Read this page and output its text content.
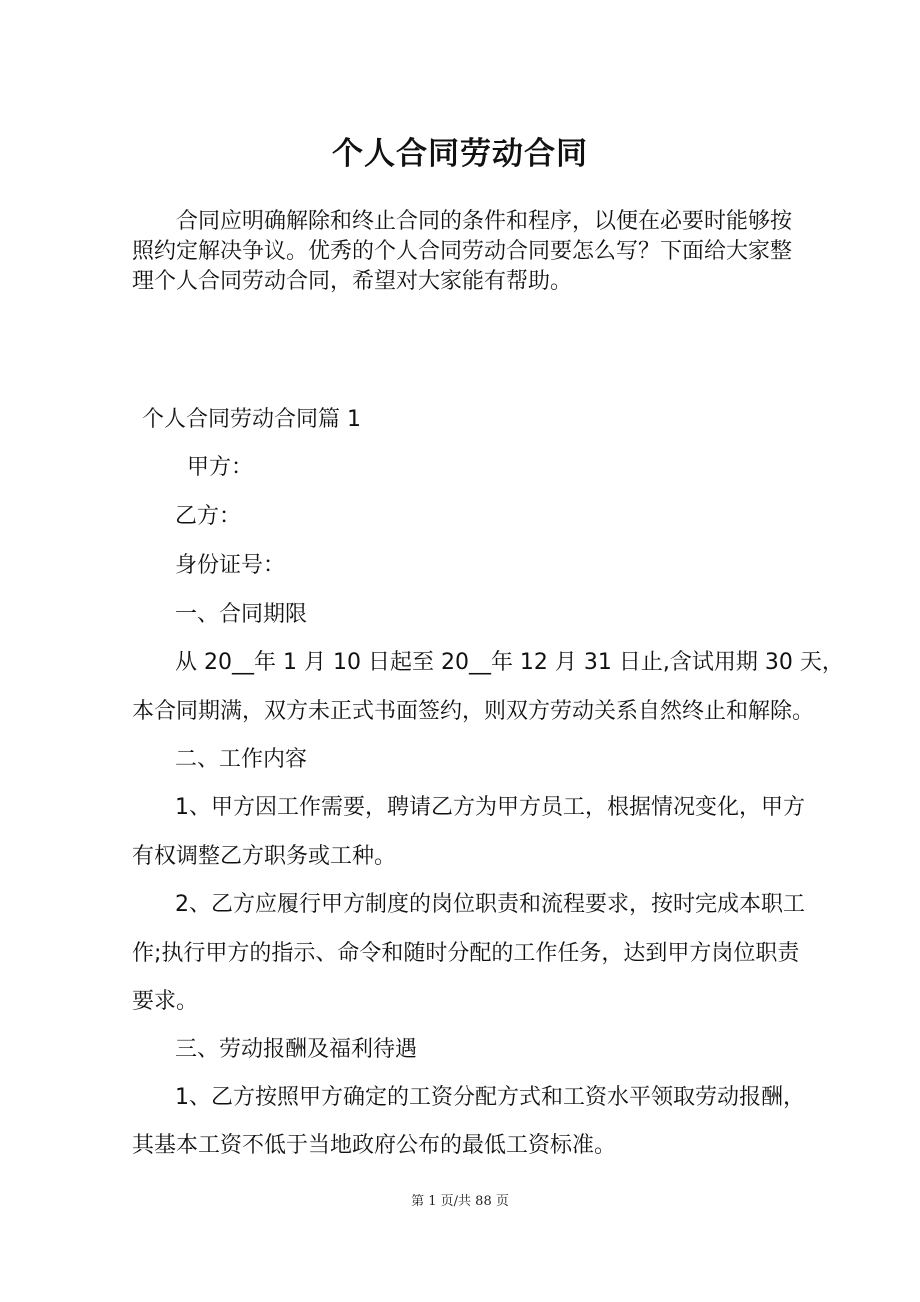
个人合同劳动合同

　　合同应明确解除和终止合同的条件和程序，以便在必要时能够按
照约定解决争议。优秀的个人合同劳动合同要怎么写？下面给大家整
理个人合同劳动合同，希望对大家能有帮助。

个人合同劳动合同篇 1
甲方：
乙方：
身份证号：
一、合同期限
从 20__年 1 月 10 日起至 20__年 12 月 31 日止,含试用期 30 天，
本合同期满，双方未正式书面签约，则双方劳动关系自然终止和解除。
二、工作内容
1、甲方因工作需要，聘请乙方为甲方员工，根据情况变化，甲方
有权调整乙方职务或工种。
2、乙方应履行甲方制度的岗位职责和流程要求，按时完成本职工
作;执行甲方的指示、命令和随时分配的工作任务，达到甲方岗位职责
要求。
三、劳动报酬及福利待遇
1、乙方按照甲方确定的工资分配方式和工资水平领取劳动报酬，
其基本工资不低于当地政府公布的最低工资标准。
第 1 页/共 88 页
